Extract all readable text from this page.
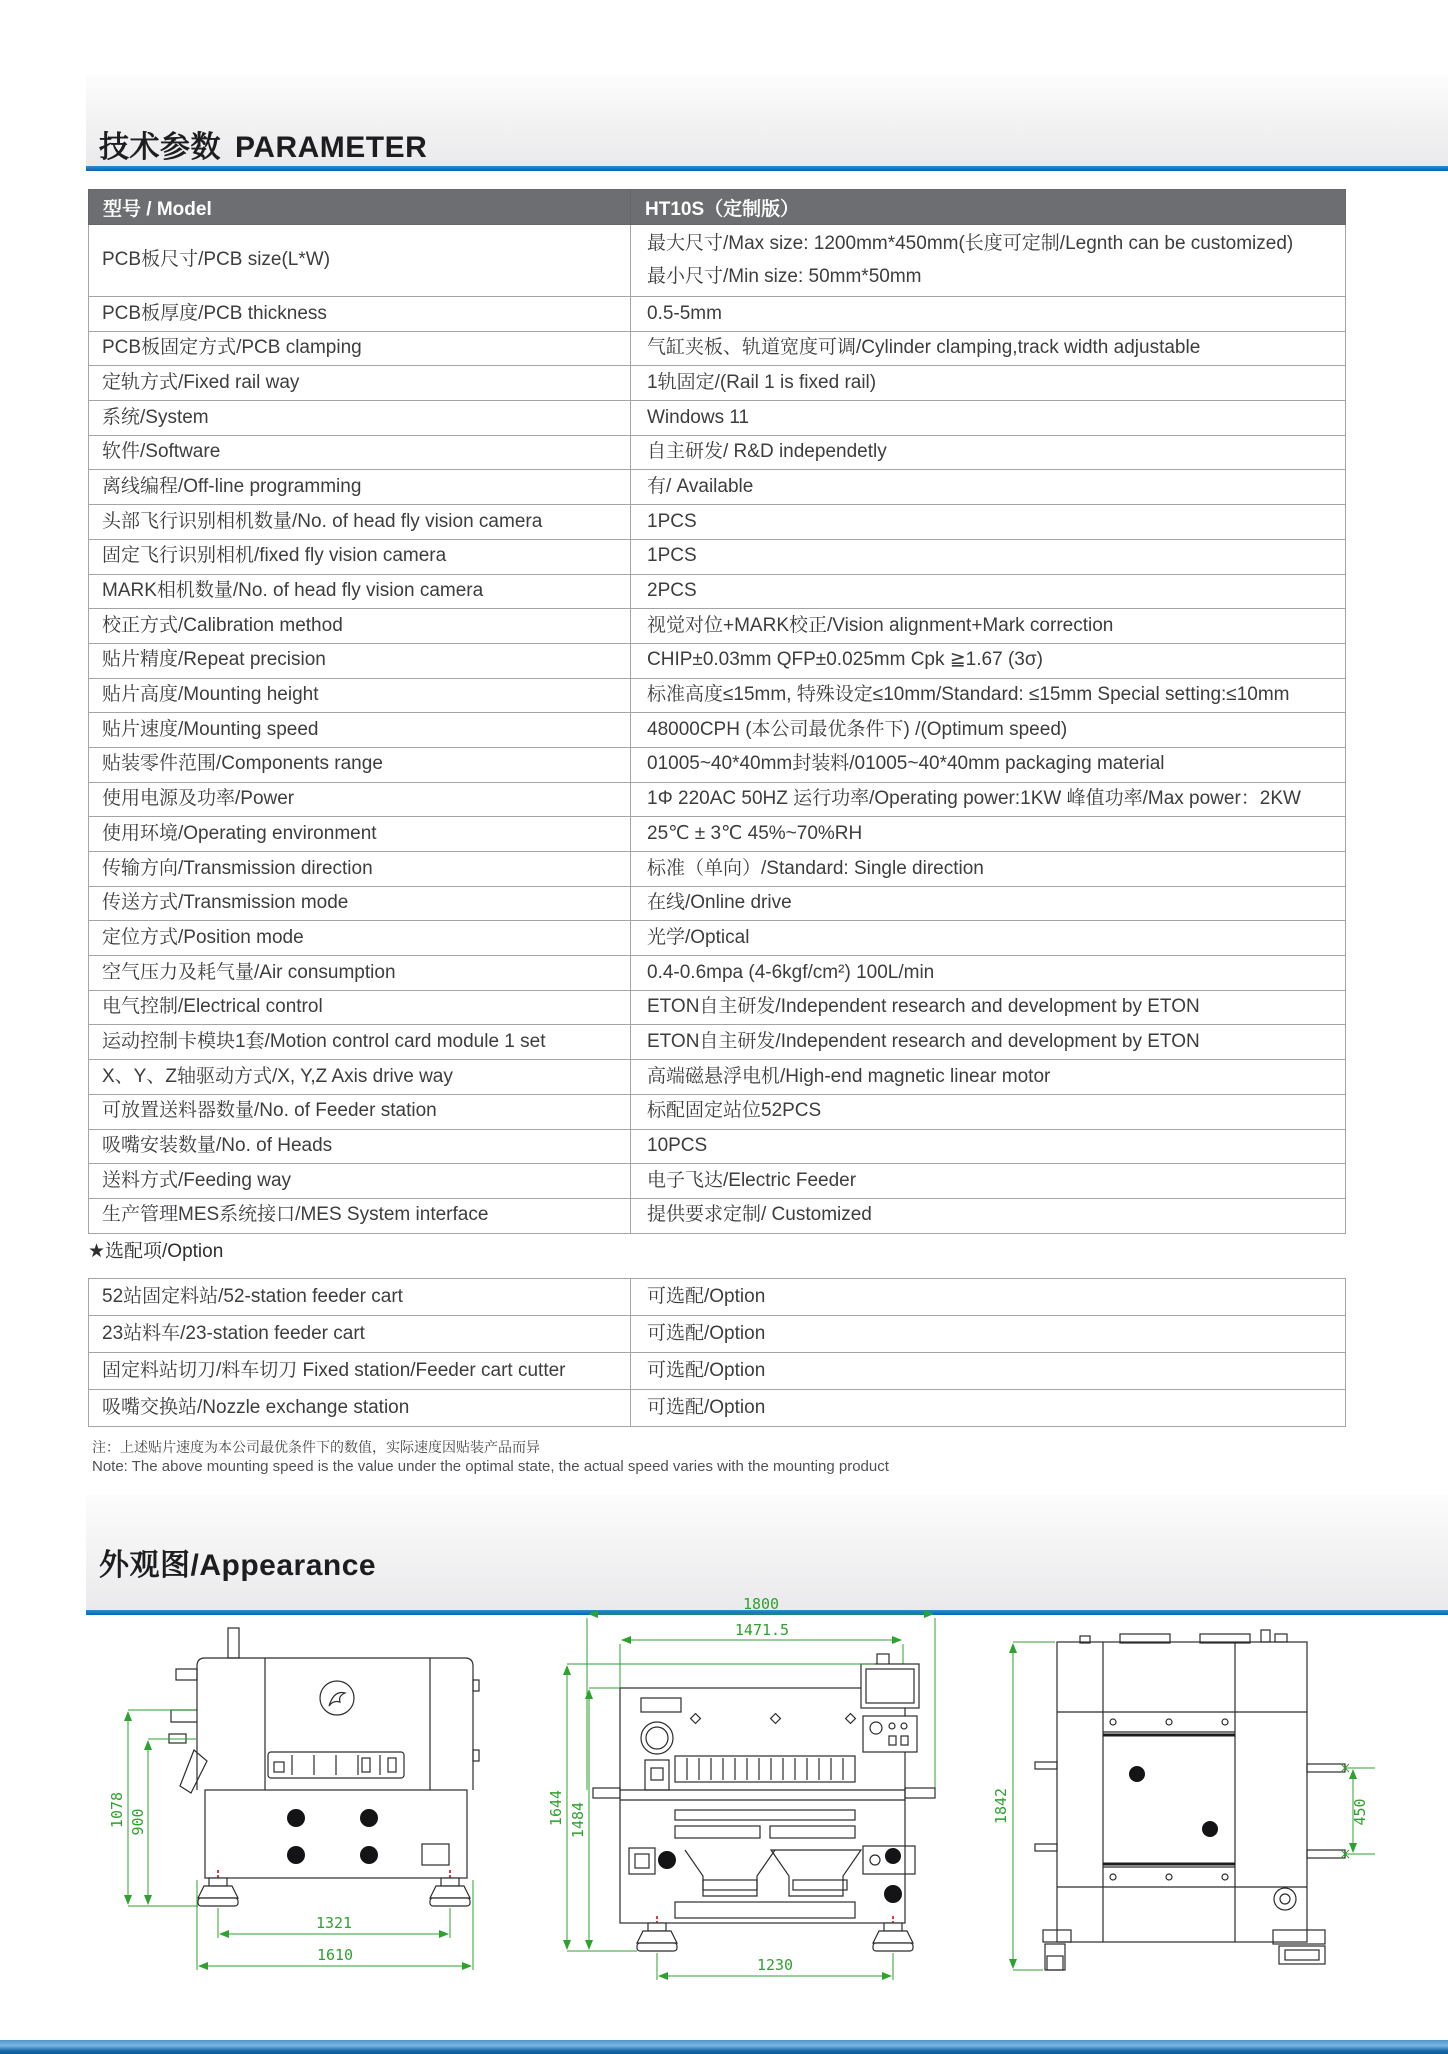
技术参数 PARAMETER
型号 / Model	HT10S（定制版）
PCB板尺寸/PCB size(L*W)	最大尺寸/Max size: 1200mm*450mm(长度可定制/Legnth can be customized)
最小尺寸/Min size: 50mm*50mm

PCB板厚度/PCB thickness	0.5-5mm
PCB板固定方式/PCB clamping	气缸夹板、轨道宽度可调/Cylinder clamping,track width adjustable
定轨方式/Fixed rail way	1轨固定/(Rail 1 is fixed rail)
系统/System	Windows 11
软件/Software	自主研发/ R&D independetly
离线编程/Off-line programming	有/ Available
头部飞行识别相机数量/No. of head fly vision camera	1PCS
固定飞行识别相机/fixed fly vision camera	1PCS
MARK相机数量/No. of head fly vision camera	2PCS
校正方式/Calibration method	视觉对位+MARK校正/Vision alignment+Mark correction
贴片精度/Repeat precision	CHIP±0.03mm QFP±0.025mm Cpk ≧1.67 (3σ)
贴片高度/Mounting height	标准高度≤15mm, 特殊设定≤10mm/Standard: ≤15mm Special setting:≤10mm
贴片速度/Mounting speed	48000CPH (本公司最优条件下) /(Optimum speed)
贴装零件范围/Components range	01005~40*40mm封装料/01005~40*40mm packaging material
使用电源及功率/Power	1Φ 220AC 50HZ 运行功率/Operating power:1KW 峰值功率/Max power：2KW
使用环境/Operating environment	25℃ ± 3℃ 45%~70%RH
传输方向/Transmission direction	标准（单向）/Standard: Single direction
传送方式/Transmission mode	在线/Online drive
定位方式/Position mode	光学/Optical
空气压力及耗气量/Air consumption	0.4-0.6mpa (4-6kgf/cm²) 100L/min
电气控制/Electrical control	ETON自主研发/Independent research and development by ETON
运动控制卡模块1套/Motion control card module 1 set	ETON自主研发/Independent research and development by ETON
X、Y、Z轴驱动方式/X, Y,Z Axis drive way	高端磁悬浮电机/High-end magnetic linear motor
可放置送料器数量/No. of Feeder station	标配固定站位52PCS
吸嘴安装数量/No. of Heads	10PCS
送料方式/Feeding way	电子飞达/Electric Feeder
生产管理MES系统接口/MES System interface	提供要求定制/ Customized
★选配项/Option
52站固定料站/52-station feeder cart	可选配/Option
23站料车/23-station feeder cart	可选配/Option
固定料站切刀/料车切刀 Fixed station/Feeder cart cutter	可选配/Option
吸嘴交换站/Nozzle exchange station	可选配/Option
注：上述贴片速度为本公司最优条件下的数值，实际速度因贴装产品而异
Note: The above mounting speed is the value under the optimal state, the actual speed varies with the mounting product
外观图/Appearance
1078 900
1321
1610
1800
1471.5
1644 1484
1230
1842	450
